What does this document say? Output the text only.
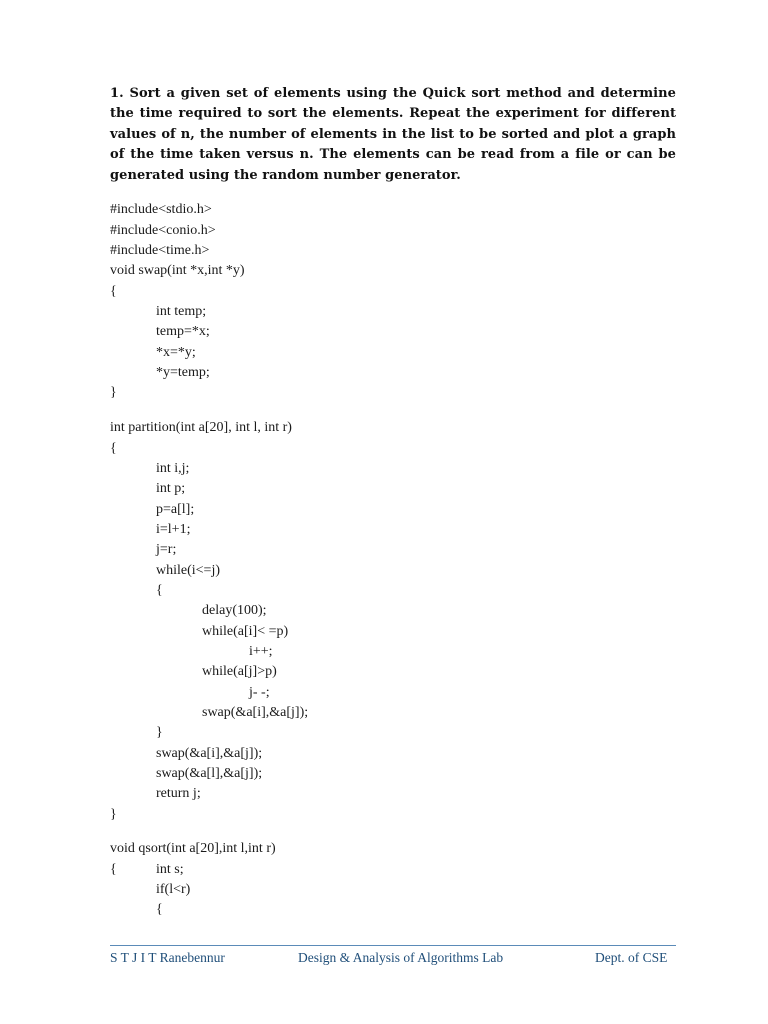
1. Sort a given set of elements using the Quick sort method and determine the time required to sort the elements. Repeat the experiment for different values of n, the number of elements in the list to be sorted and plot a graph of the time taken versus n. The elements can be read from a file or can be generated using the random number generator.

#include<stdio.h>
#include<conio.h>
#include<time.h>
void swap(int *x,int *y)
{
int temp;
temp=*x;
*x=*y;
*y=temp;
}
int partition(int a[20], int l, int r)
{
int i,j;
int p;
p=a[l];
i=l+1;
j=r;
while(i<=j)
{
delay(100);
while(a[i]< =p)
i++;
while(a[j]>p)
j- -;
swap(&a[i],&a[j]);
}
swap(&a[i],&a[j]);
swap(&a[l],&a[j]);
return j;
}
void qsort(int a[20],int l,int r)
{	int s;
if(l<r)
{
S T J I T Ranebennur	Design & Analysis of Algorithms Lab	Dept. of CSE
